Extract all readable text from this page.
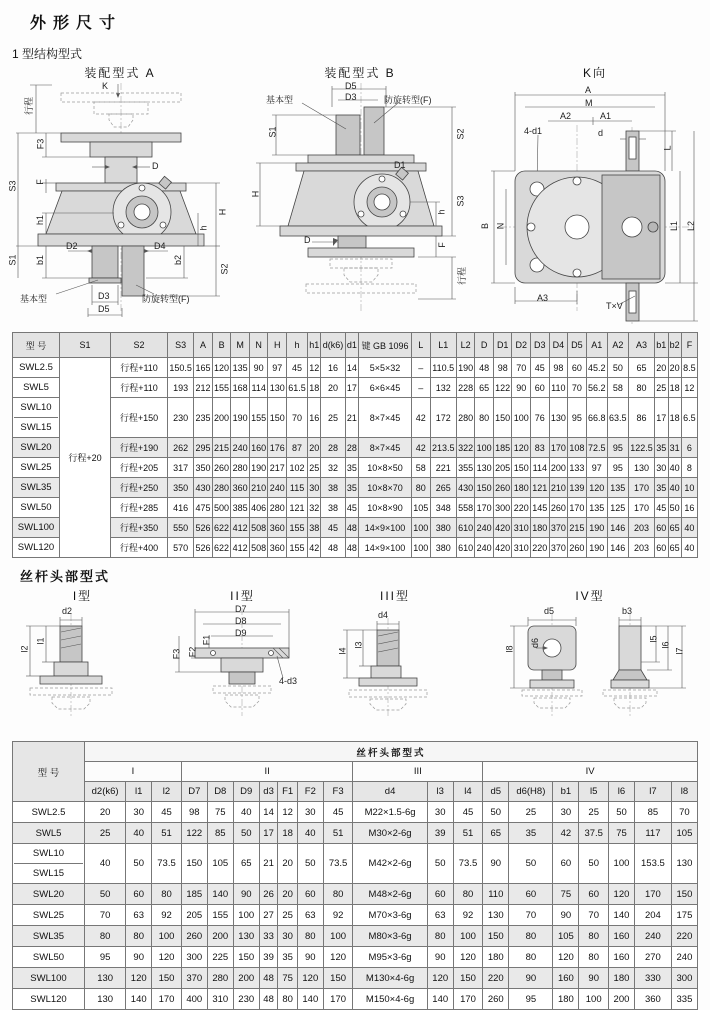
外形尺寸
1 型结构型式
装配型式 A
K
行程
F3
S3 F
h1
S1 b1
D
H
h
b2
S2
D2	D4
基本型	防旋转型(F)
D3
D5
装配型式 B
基本型
D5
D3	防旋转型(F)
S1
D1
S2
H
h
S3
D	F
行程
K向
A
M
A2	A1
4-d1	d
L
B N	L1 L2
A3
T×V
型 号	S1	S2	S3	A	B	M	N	H	h	h1	d(k6)	d1	键 GB 1096	L	L1	L2	D	D1	D2	D3	D4	D5	A1	A2	A3	b1	b2	F
SWL2.5	行程+20	行程+110	150.5	165	120	135	90	97	45	12	16	14	5×5×32	–	110.5	190	48	98	70	45	98	60	45.2	50	65	20	20	8.5
SWL5		行程+110	193	212	155	168	114	130	61.5	18	20	17	6×6×45	–	132	228	65	122	90	60	110	70	56.2	58	80	25	18	12

SWL10
SWL15		行程+150	230	235	200	190	155	150	70	16	25	21	8×7×45	42	172	280	80	150	100	76	130	95	66.8	63.5	86	17	18	6.5
SWL20		行程+190	262	295	215	240	160	176	87	20	28	28	8×7×45	42	213.5	322	100	185	120	83	170	108	72.5	95	122.5	35	31	6
SWL25		行程+205	317	350	260	280	190	217	102	25	32	35	10×8×50	58	221	355	130	205	150	114	200	133	97	95	130	30	40	8
SWL35		行程+250	350	430	280	360	210	240	115	30	38	35	10×8×70	80	265	430	150	260	180	121	210	139	120	135	170	35	40	10
SWL50		行程+285	416	475	500	385	406	280	121	32	38	45	10×8×90	105	348	558	170	300	220	145	260	170	135	125	170	45	50	16
SWL100		行程+350	550	526	622	412	508	360	155	38	45	48	14×9×100	100	380	610	240	420	310	180	370	215	190	146	203	60	65	40
SWL120		行程+400	570	526	622	412	508	360	155	42	48	48	14×9×100	100	380	610	240	420	310	220	370	260	190	146	203	60	65	40
丝杆头部型式
I型
d2
l1
l2
II型
D7
D8
D9
F1
F2
F3
4-d3
III型
d4
l3
l4
IV型
d5
d6
l8
b3
l5
l6
l7
型 号	丝杆头部型式																			
	I			II							III			IV						
	d2(k6)	l1	l2	D7	D8	D9	d3	F1	F2	F3	d4	l3	l4	d5	d6(H8)	b1	l5	l6	l7	l8
SWL2.5	20	30	45	98	75	40	14	12	30	45	M22×1.5-6g	30	45	50	25	30	25	50	85	70
SWL5	25	40	51	122	85	50	17	18	40	51	M30×2-6g	39	51	65	35	42	37.5	75	117	105

SWL10
SWL15	40	50	73.5	150	105	65	21	20	50	73.5	M42×2-6g	50	73.5	90	50	60	50	100	153.5	130
SWL20	50	60	80	185	140	90	26	20	60	80	M48×2-6g	60	80	110	60	75	60	120	170	150
SWL25	70	63	92	205	155	100	27	25	63	92	M70×3-6g	63	92	130	70	90	70	140	204	175
SWL35	80	80	100	260	200	130	33	30	80	100	M80×3-6g	80	100	150	80	105	80	160	240	220
SWL50	95	90	120	300	225	150	39	35	90	120	M95×3-6g	90	120	180	80	120	80	160	270	240
SWL100	130	120	150	370	280	200	48	75	120	150	M130×4-6g	120	150	220	90	160	90	180	330	300
SWL120	130	140	170	400	310	230	48	80	140	170	M150×4-6g	140	170	260	95	180	100	200	360	335
